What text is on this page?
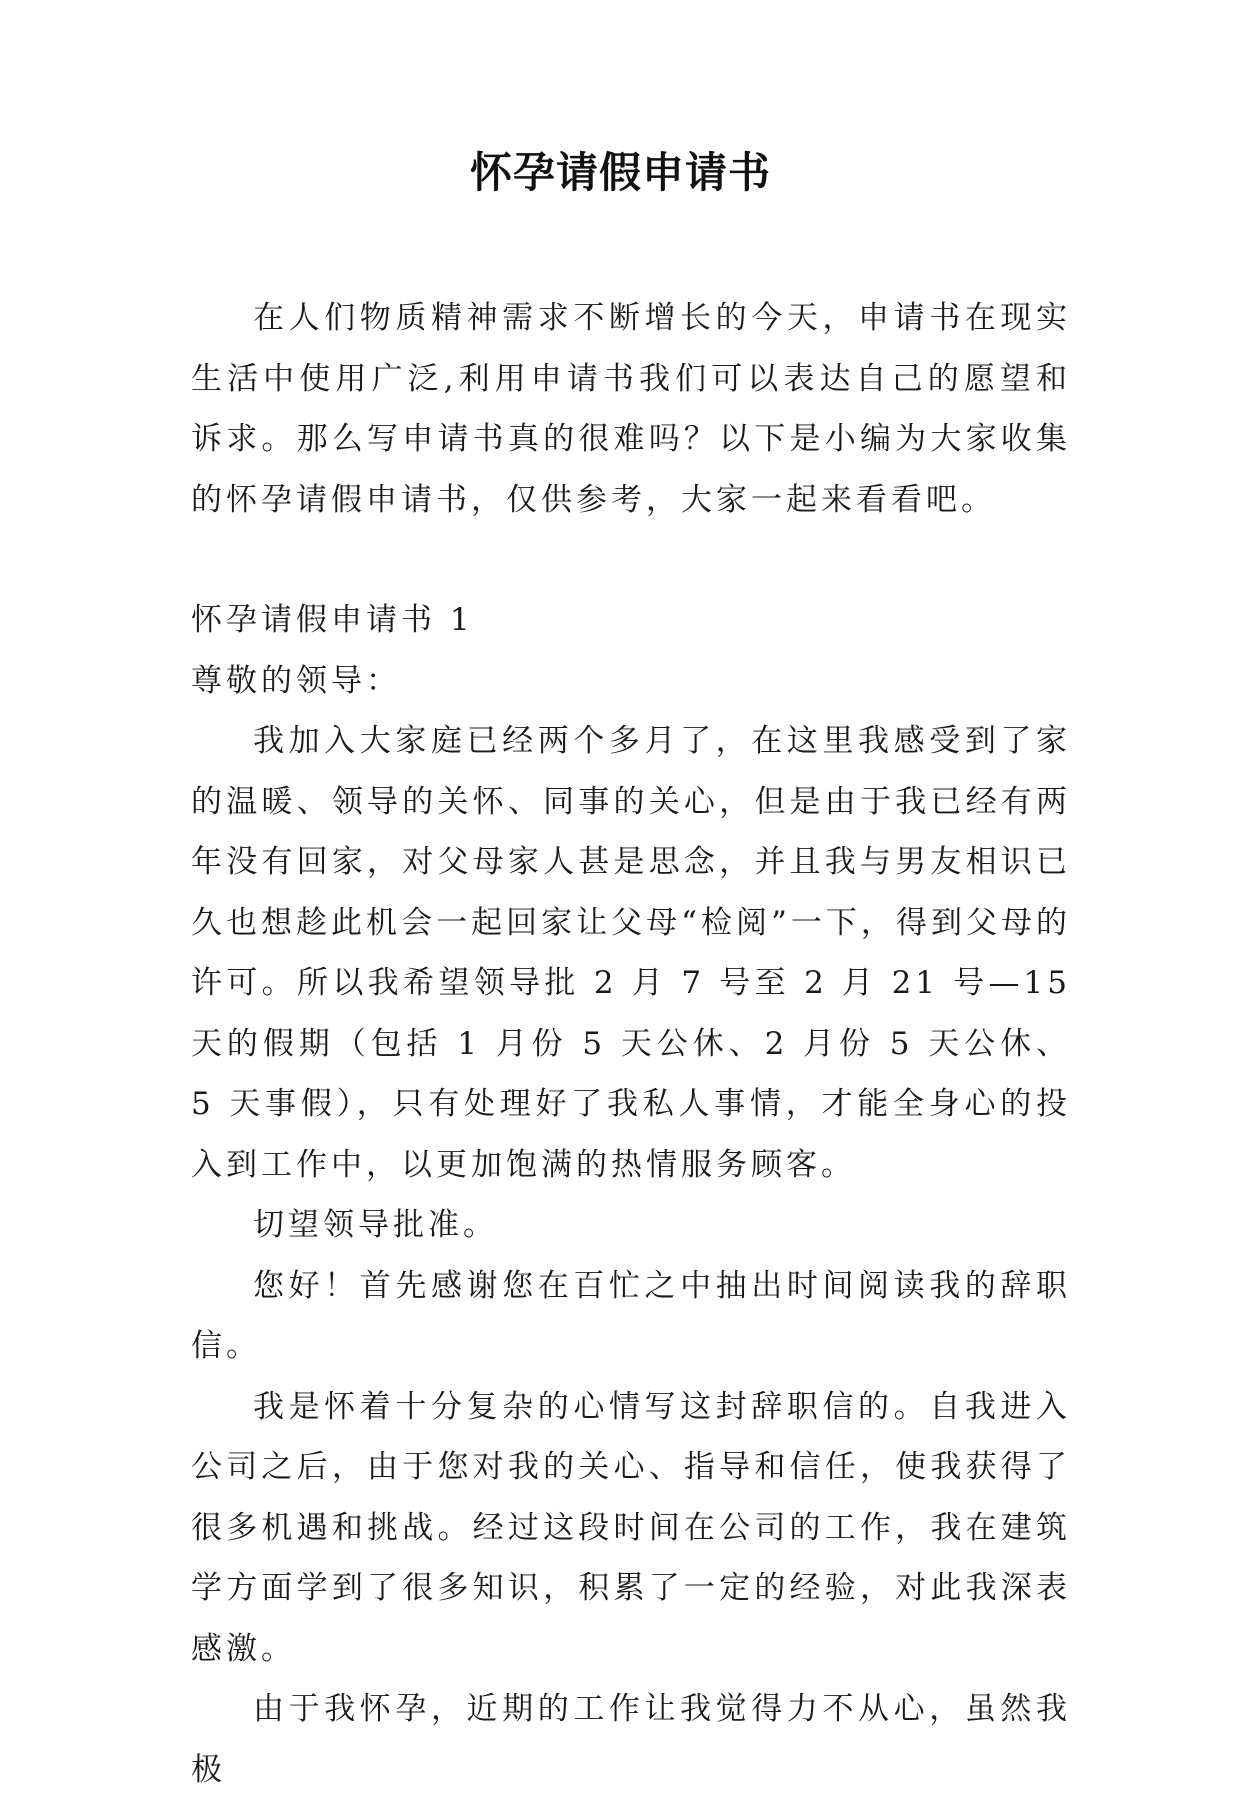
怀孕请假申请书

在人们物质精神需求不断增长的今天，申请书在现实生活中使用广泛,利用申请书我们可以表达自己的愿望和诉求。那么写申请书真的很难吗？以下是小编为大家收集的怀孕请假申请书，仅供参考，大家一起来看看吧。

怀孕请假申请书 1

尊敬的领导：

我加入大家庭已经两个多月了，在这里我感受到了家的温暖、领导的关怀、同事的关心，但是由于我已经有两年没有回家，对父母家人甚是思念，并且我与男友相识已久也想趁此机会一起回家让父母“检阅”一下，得到父母的许可。所以我希望领导批 2 月 7 号至 2 月 21 号—15 天的假期（包括 1 月份 5 天公休、2 月份 5 天公休、5 天事假），只有处理好了我私人事情，才能全身心的投入到工作中，以更加饱满的热情服务顾客。

切望领导批准。

您好！首先感谢您在百忙之中抽出时间阅读我的辞职信。

我是怀着十分复杂的心情写这封辞职信的。自我进入公司之后，由于您对我的关心、指导和信任，使我获得了很多机遇和挑战。经过这段时间在公司的工作，我在建筑学方面学到了很多知识，积累了一定的经验，对此我深表感激。

由于我怀孕，近期的工作让我觉得力不从心，虽然我极
